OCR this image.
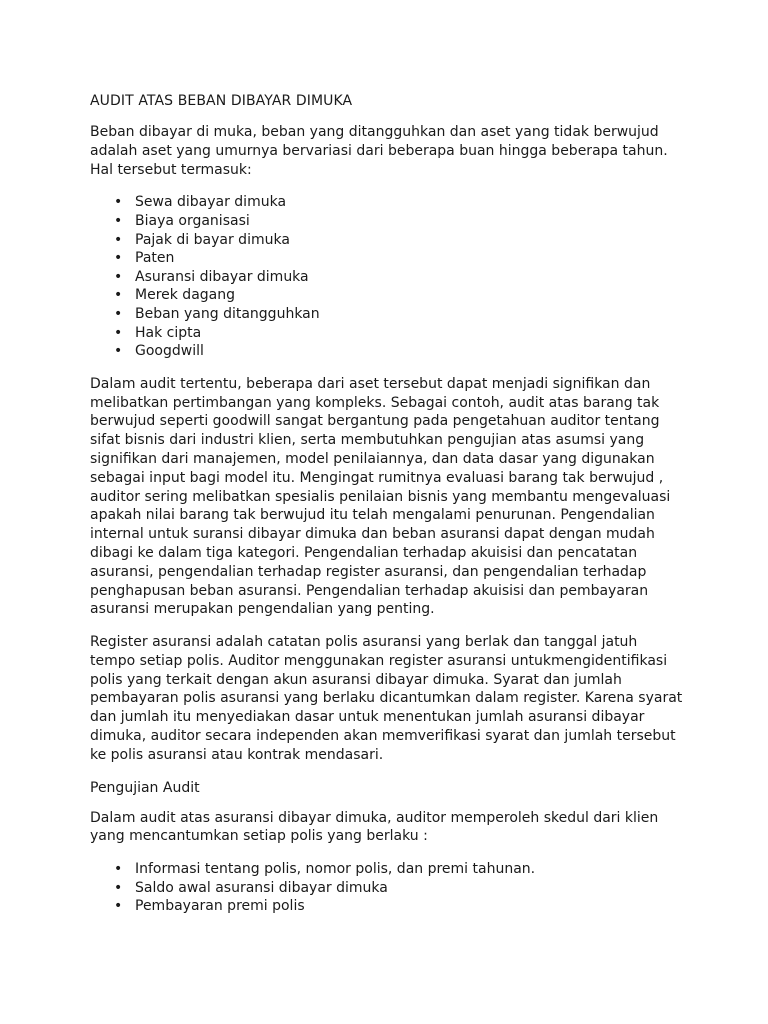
AUDIT ATAS BEBAN DIBAYAR DIMUKA

Beban dibayar di muka, beban yang ditangguhkan dan aset yang tidak berwujud
adalah aset yang umurnya bervariasi dari beberapa buan hingga beberapa tahun.
Hal tersebut termasuk:

• Sewa dibayar dimuka
• Biaya organisasi
• Pajak di bayar dimuka
• Paten
• Asuransi dibayar dimuka
• Merek dagang
• Beban yang ditangguhkan
• Hak cipta
• Googdwill

Dalam audit tertentu, beberapa dari aset tersebut dapat menjadi signifikan dan
melibatkan pertimbangan yang kompleks. Sebagai contoh, audit atas barang tak
berwujud seperti goodwill sangat bergantung pada pengetahuan auditor tentang
sifat bisnis dari industri klien, serta membutuhkan pengujian atas asumsi yang
signifikan dari manajemen, model penilaiannya, dan data dasar yang digunakan
sebagai input bagi model itu. Mengingat rumitnya evaluasi barang tak berwujud ,
auditor sering melibatkan spesialis penilaian bisnis yang membantu mengevaluasi
apakah nilai barang tak berwujud itu telah mengalami penurunan. Pengendalian
internal untuk suransi dibayar dimuka dan beban asuransi dapat dengan mudah
dibagi ke dalam tiga kategori. Pengendalian terhadap akuisisi dan pencatatan
asuransi, pengendalian terhadap register asuransi, dan pengendalian terhadap
penghapusan beban asuransi. Pengendalian terhadap akuisisi dan pembayaran
asuransi merupakan pengendalian yang penting.

Register asuransi adalah catatan polis asuransi yang berlak dan tanggal jatuh
tempo setiap polis. Auditor menggunakan register asuransi untukmengidentifikasi
polis yang terkait dengan akun asuransi dibayar dimuka. Syarat dan jumlah
pembayaran polis asuransi yang berlaku dicantumkan dalam register. Karena syarat
dan jumlah itu menyediakan dasar untuk menentukan jumlah asuransi dibayar
dimuka, auditor secara independen akan memverifikasi syarat dan jumlah tersebut
ke polis asuransi atau kontrak mendasari.

Pengujian Audit

Dalam audit atas asuransi dibayar dimuka, auditor memperoleh skedul dari klien
yang mencantumkan setiap polis yang berlaku :

• Informasi tentang polis, nomor polis, dan premi tahunan.
• Saldo awal asuransi dibayar dimuka
• Pembayaran premi polis
